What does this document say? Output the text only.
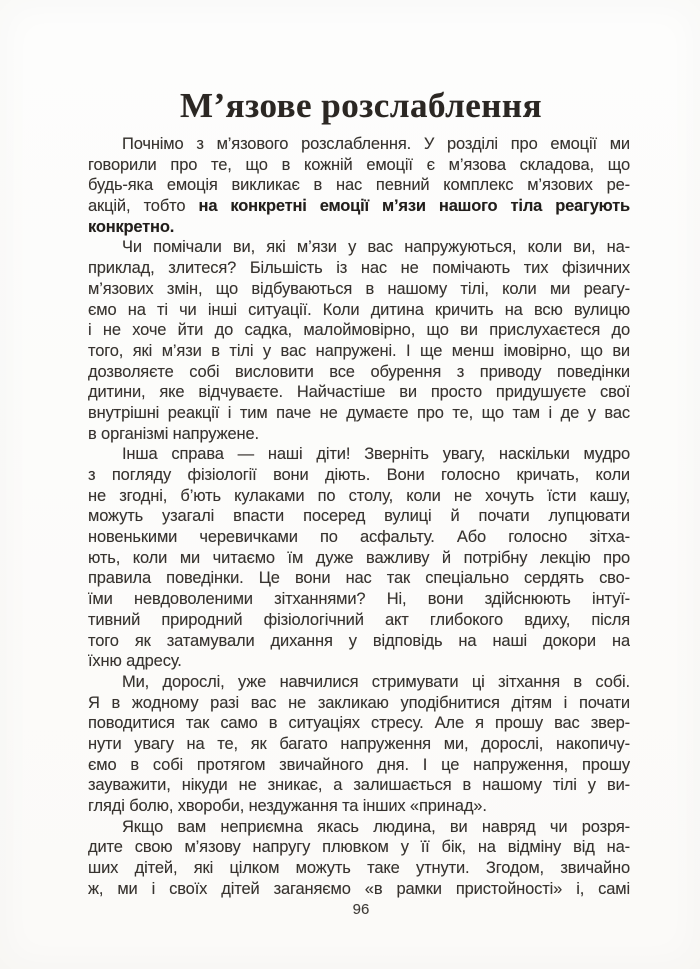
М’язове розслаблення
Почнімо з м’язового розслаблення. У розділі про емоції ми
говорили про те, що в кожній емоції є м’язова складова, що
будь-яка емоція викликає в нас певний комплекс м’язових ре-
акцій, тобто на конкретні емоції м’язи нашого тіла реагують
конкретно.
Чи помічали ви, які м’язи у вас напружуються, коли ви, на-
приклад, злитеся? Більшість із нас не помічають тих фізичних
м’язових змін, що відбуваються в нашому тілі, коли ми реагу-
ємо на ті чи інші ситуації. Коли дитина кричить на всю вулицю
і не хоче йти до садка, малоймовірно, що ви прислухаєтеся до
того, які м’язи в тілі у вас напружені. І ще менш імовірно, що ви
дозволяєте собі висловити все обурення з приводу поведінки
дитини, яке відчуваєте. Найчастіше ви просто придушуєте свої
внутрішні реакції і тим паче не думаєте про те, що там і де у вас
в організмі напружене.
Інша справа — наші діти! Зверніть увагу, наскільки мудро
з погляду фізіології вони діють. Вони голосно кричать, коли
не згодні, б’ють кулаками по столу, коли не хочуть їсти кашу,
можуть узагалі впасти посеред вулиці й почати лупцювати
новенькими черевичками по асфальту. Або голосно зітха-
ють, коли ми читаємо їм дуже важливу й потрібну лекцію про
правила поведінки. Це вони нас так спеціально сердять сво-
їми невдоволеними зітханнями? Ні, вони здійснюють інтуї-
тивний природний фізіологічний акт глибокого вдиху, після
того як затамували дихання у відповідь на наші докори на
їхню адресу.
Ми, дорослі, уже навчилися стримувати ці зітхання в собі.
Я в жодному разі вас не закликаю уподібнитися дітям і почати
поводитися так само в ситуаціях стресу. Але я прошу вас звер-
нути увагу на те, як багато напруження ми, дорослі, накопичу-
ємо в собі протягом звичайного дня. І це напруження, прошу
зауважити, нікуди не зникає, а залишається в нашому тілі у ви-
гляді болю, хвороби, нездужання та інших «принад».
Якщо вам неприємна якась людина, ви навряд чи розря-
дите свою м’язову напругу плювком у її бік, на відміну від на-
ших дітей, які цілком можуть таке утнути. Згодом, звичайно
ж, ми і своїх дітей заганяємо «в рамки пристойності» і, самі
96
